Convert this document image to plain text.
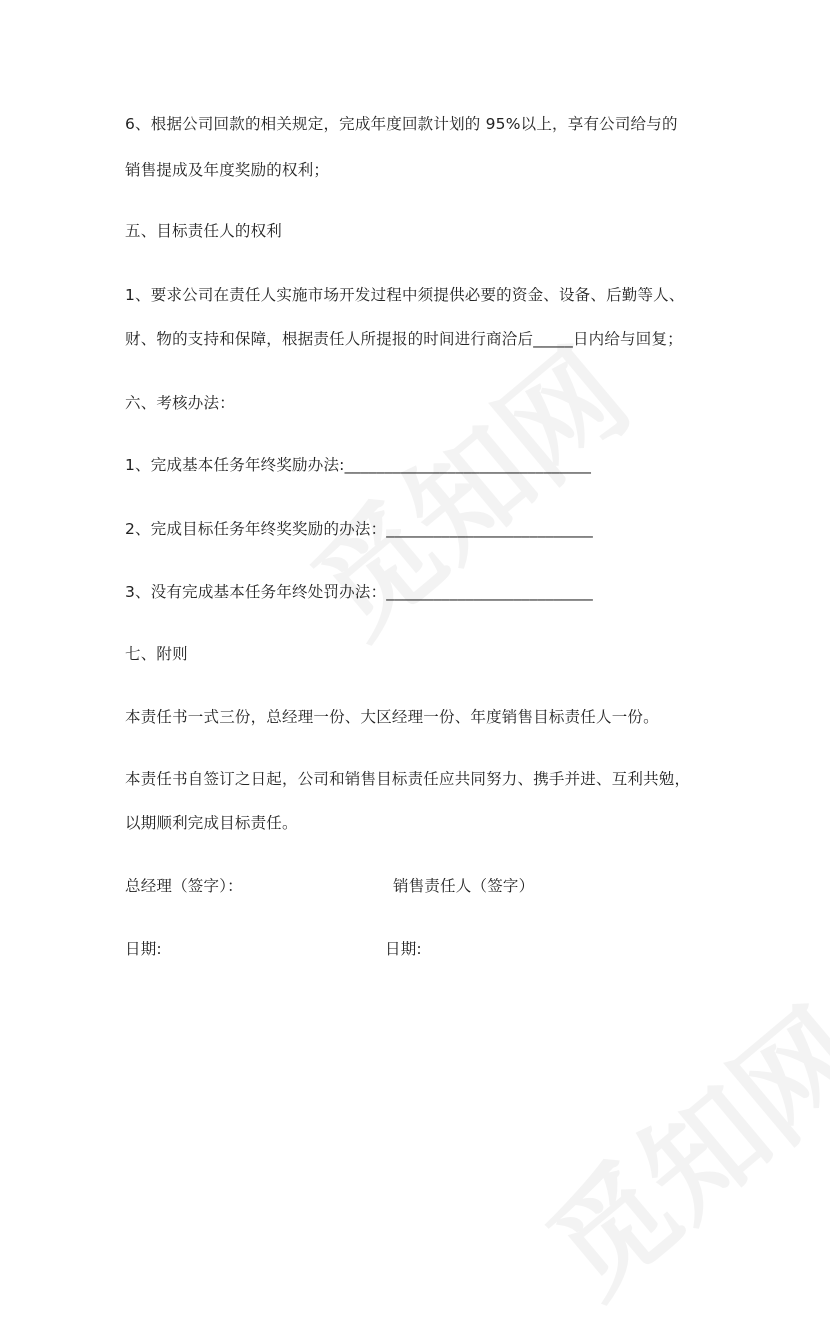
6、根据公司回款的相关规定，完成年度回款计划的 95%以上，享有公司给与的
销售提成及年度奖励的权利；
五、目标责任人的权利
1、要求公司在责任人实施市场开发过程中须提供必要的资金、设备、后勤等人、
财、物的支持和保障，根据责任人所提报的时间进行商洽后_____日内给与回复；
六、考核办法：
1、完成基本任务年终奖励办法:_______________________________
2、完成目标任务年终奖奖励的办法：__________________________
3、没有完成基本任务年终处罚办法：__________________________
七、附则
本责任书一式三份，总经理一份、大区经理一份、年度销售目标责任人一份。
本责任书自签订之日起，公司和销售目标责任应共同努力、携手并进、互利共勉，
以期顺利完成目标责任。
总经理（签字）：	销售责任人（签字）
日期:	日期:
